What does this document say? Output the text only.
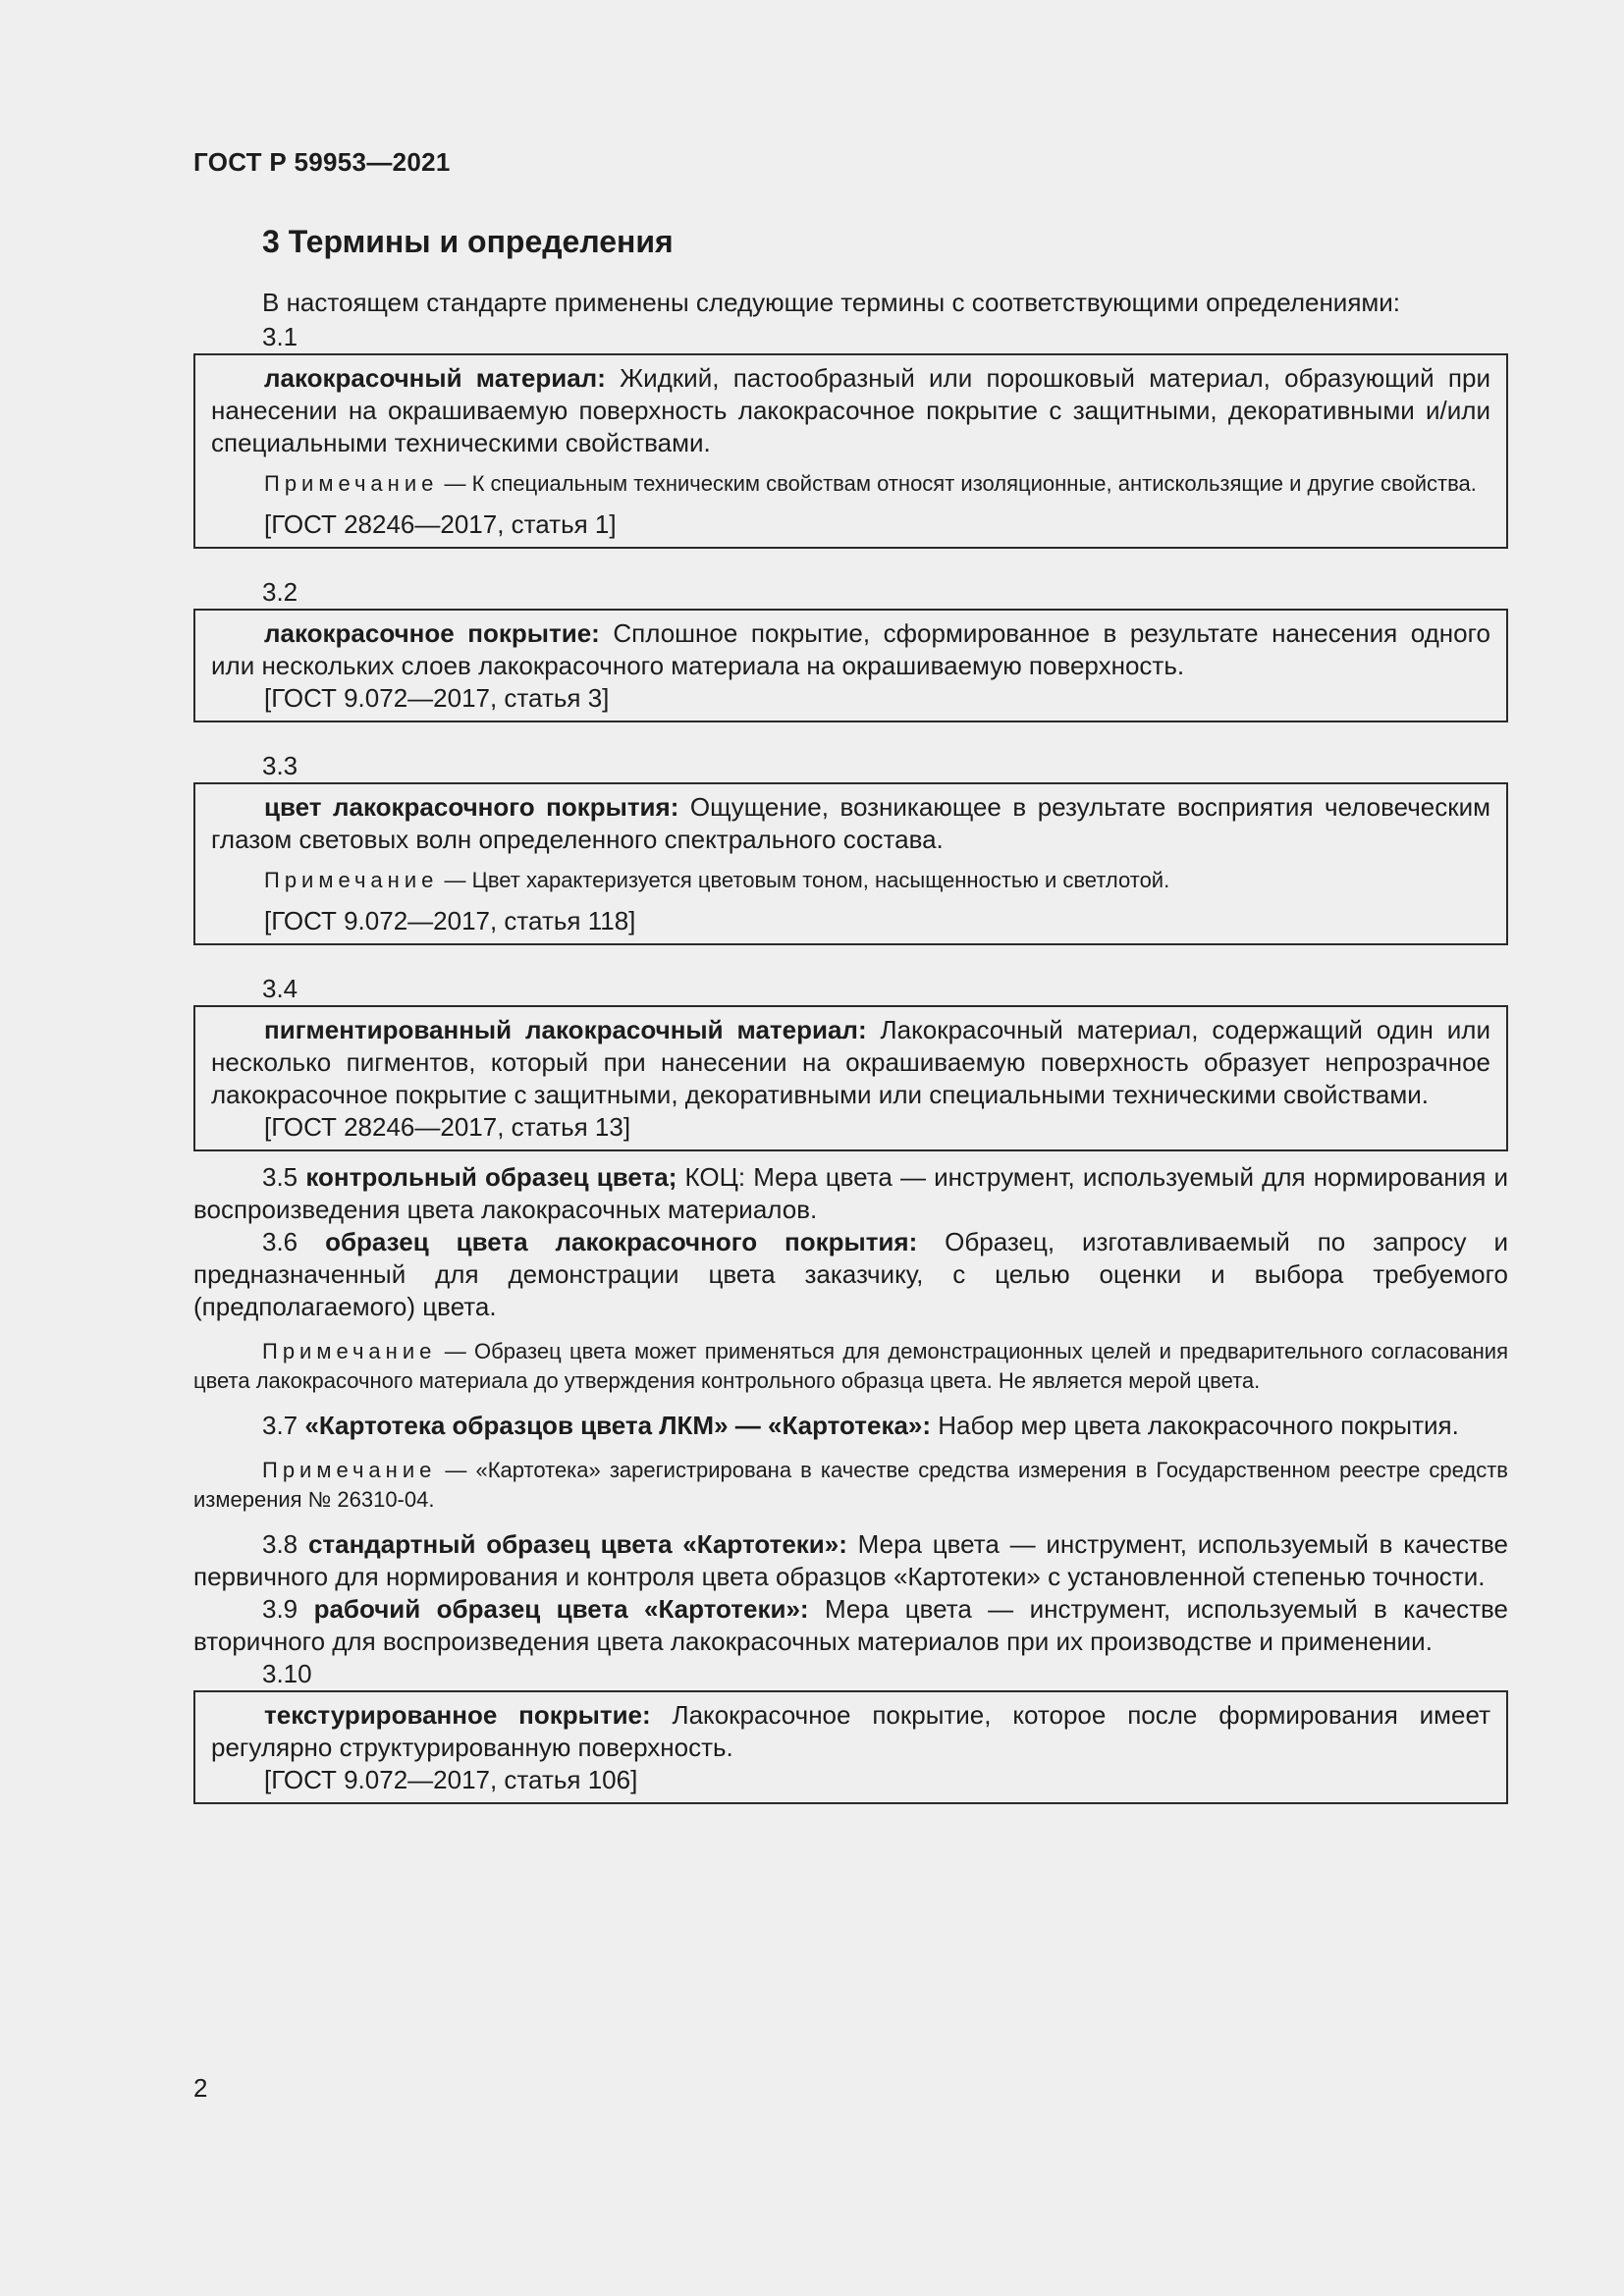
ГОСТ Р 59953—2021
3 Термины и определения
В настоящем стандарте применены следующие термины с соответствующими определениями:
3.1
лакокрасочный материал: Жидкий, пастообразный или порошковый материал, образующий при нанесении на окрашиваемую поверхность лакокрасочное покрытие с защитными, декоративными и/или специальными техническими свойствами.
Примечание — К специальным техническим свойствам относят изоляционные, антискользящие и другие свойства.
[ГОСТ 28246—2017, статья 1]
3.2
лакокрасочное покрытие: Сплошное покрытие, сформированное в результате нанесения одного или нескольких слоев лакокрасочного материала на окрашиваемую поверхность.
[ГОСТ 9.072—2017, статья 3]
3.3
цвет лакокрасочного покрытия: Ощущение, возникающее в результате восприятия человеческим глазом световых волн определенного спектрального состава.
Примечание — Цвет характеризуется цветовым тоном, насыщенностью и светлотой.
[ГОСТ 9.072—2017, статья 118]
3.4
пигментированный лакокрасочный материал: Лакокрасочный материал, содержащий один или несколько пигментов, который при нанесении на окрашиваемую поверхность образует непрозрачное лакокрасочное покрытие с защитными, декоративными или специальными техническими свойствами.
[ГОСТ 28246—2017, статья 13]
3.5 контрольный образец цвета; КОЦ: Мера цвета — инструмент, используемый для нормирования и воспроизведения цвета лакокрасочных материалов.
3.6 образец цвета лакокрасочного покрытия: Образец, изготавливаемый по запросу и предназначенный для демонстрации цвета заказчику, с целью оценки и выбора требуемого (предполагаемого) цвета.
Примечание — Образец цвета может применяться для демонстрационных целей и предварительного согласования цвета лакокрасочного материала до утверждения контрольного образца цвета. Не является мерой цвета.
3.7 «Картотека образцов цвета ЛКМ» — «Картотека»: Набор мер цвета лакокрасочного покрытия.
Примечание — «Картотека» зарегистрирована в качестве средства измерения в Государственном реестре средств измерения № 26310-04.
3.8 стандартный образец цвета «Картотеки»: Мера цвета — инструмент, используемый в качестве первичного для нормирования и контроля цвета образцов «Картотеки» с установленной степенью точности.
3.9 рабочий образец цвета «Картотеки»: Мера цвета — инструмент, используемый в качестве вторичного для воспроизведения цвета лакокрасочных материалов при их производстве и применении.
3.10
текстурированное покрытие: Лакокрасочное покрытие, которое после формирования имеет регулярно структурированную поверхность.
[ГОСТ 9.072—2017, статья 106]
2
